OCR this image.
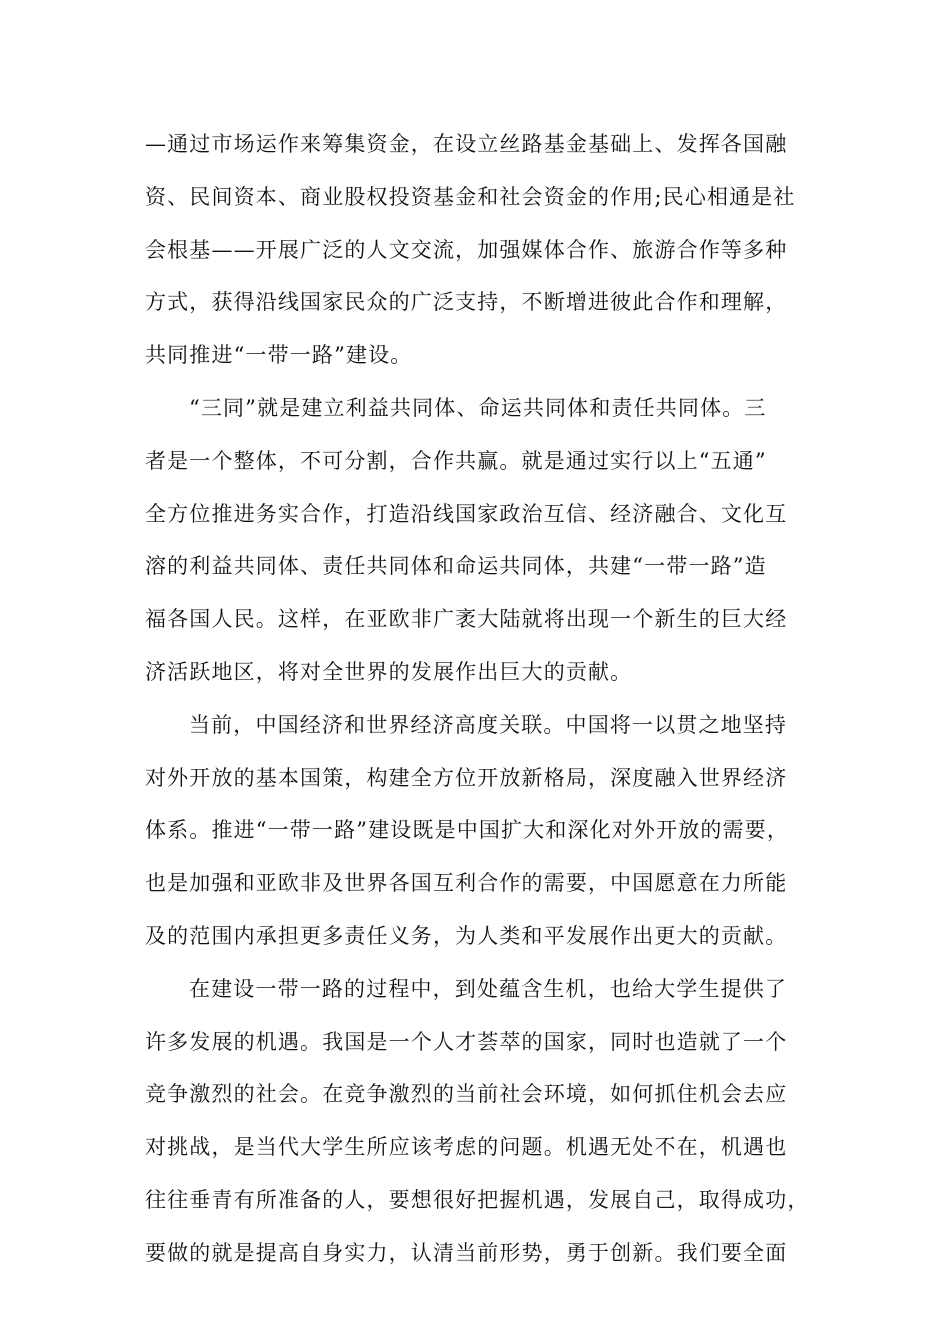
—通过市场运作来筹集资金，在设立丝路基金基础上、发挥各国融
资、民间资本、商业股权投资基金和社会资金的作用;民心相通是社
会根基——开展广泛的人文交流，加强媒体合作、旅游合作等多种
方式，获得沿线国家民众的广泛支持，不断增进彼此合作和理解，
共同推进“一带一路”建设。
“三同”就是建立利益共同体、命运共同体和责任共同体。三
者是一个整体，不可分割，合作共赢。就是通过实行以上“五通”
全方位推进务实合作，打造沿线国家政治互信、经济融合、文化互
溶的利益共同体、责任共同体和命运共同体，共建“一带一路”造
福各国人民。这样，在亚欧非广袤大陆就将出现一个新生的巨大经
济活跃地区，将对全世界的发展作出巨大的贡献。
当前，中国经济和世界经济高度关联。中国将一以贯之地坚持
对外开放的基本国策，构建全方位开放新格局，深度融入世界经济
体系。推进“一带一路”建设既是中国扩大和深化对外开放的需要，
也是加强和亚欧非及世界各国互利合作的需要，中国愿意在力所能
及的范围内承担更多责任义务，为人类和平发展作出更大的贡献。
在建设一带一路的过程中，到处蕴含生机，也给大学生提供了
许多发展的机遇。我国是一个人才荟萃的国家，同时也造就了一个
竞争激烈的社会。在竞争激烈的当前社会环境，如何抓住机会去应
对挑战，是当代大学生所应该考虑的问题。机遇无处不在，机遇也
往往垂青有所准备的人，要想很好把握机遇，发展自己，取得成功，
要做的就是提高自身实力，认清当前形势，勇于创新。我们要全面
